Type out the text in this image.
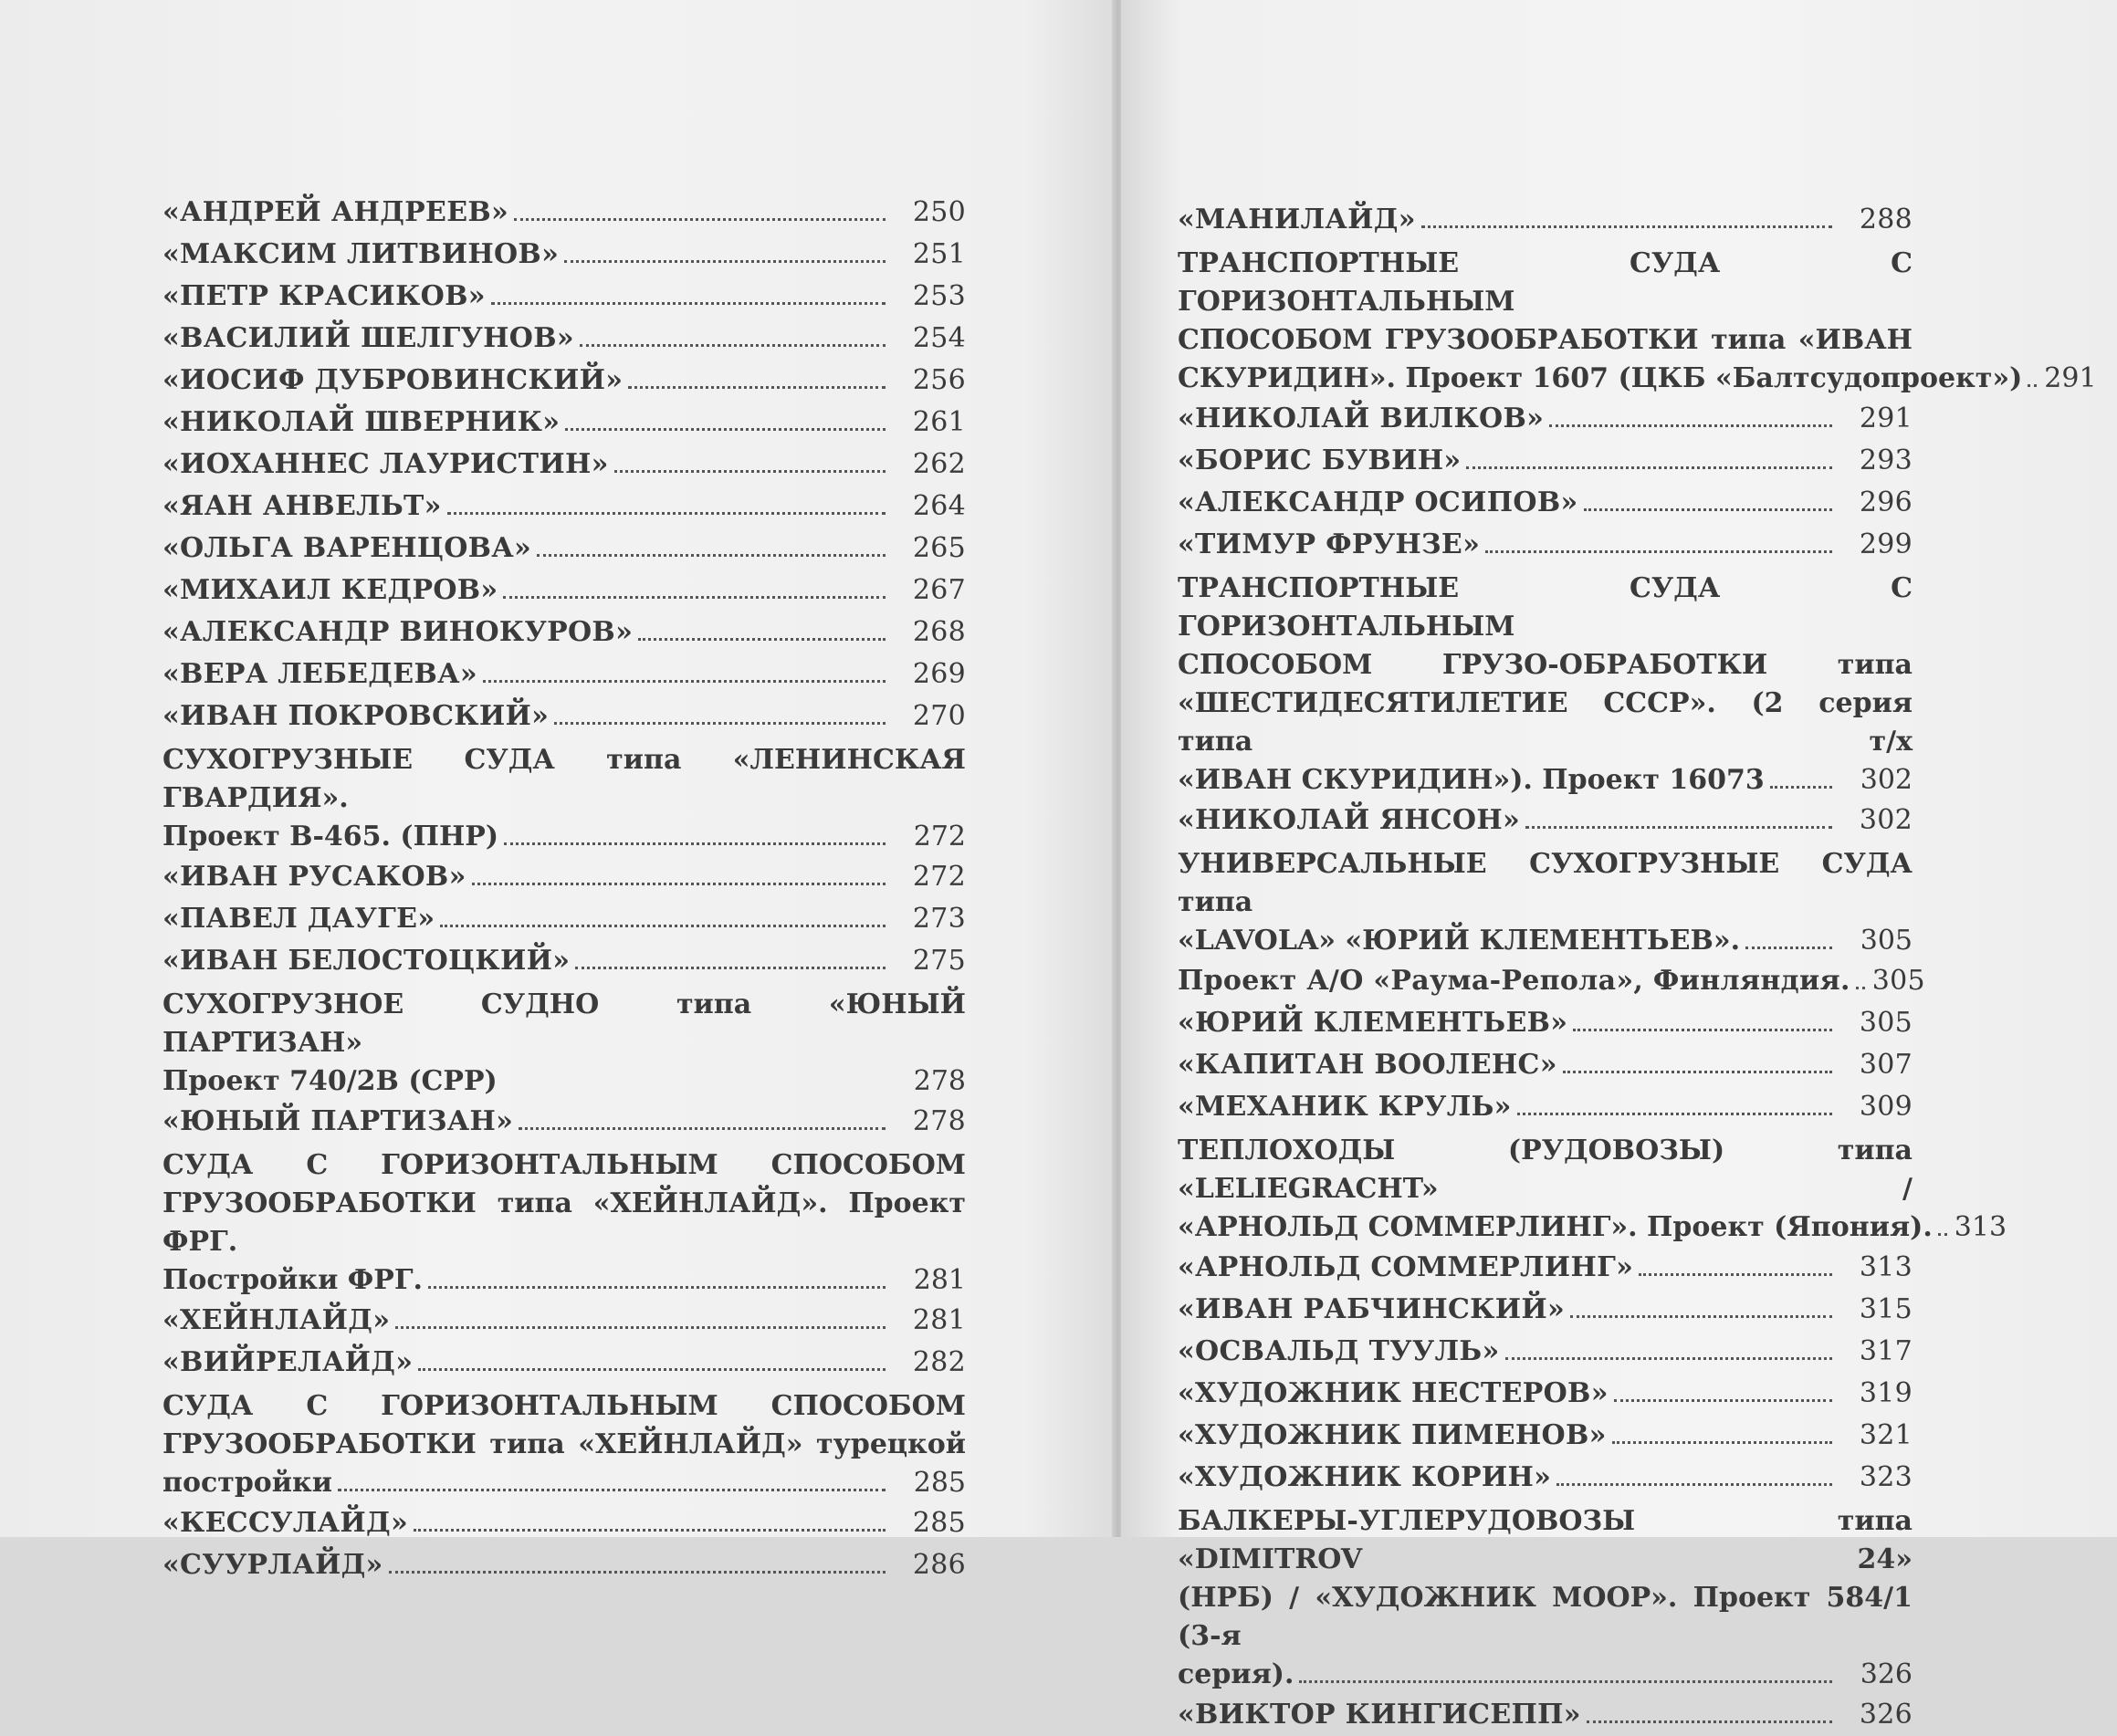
«АНДРЕЙ АНДРЕЕВ»	250
«МАКСИМ ЛИТВИНОВ»	251
«ПЕТР КРАСИКОВ»	253
«ВАСИЛИЙ ШЕЛГУНОВ»	254
«ИОСИФ ДУБРОВИНСКИЙ»	256
«НИКОЛАЙ ШВЕРНИК»	261
«ИОХАННЕС ЛАУРИСТИН»	262
«ЯАН АНВЕЛЬТ»	264
«ОЛЬГА ВАРЕНЦОВА»	265
«МИХАИЛ КЕДРОВ»	267
«АЛЕКСАНДР ВИНОКУРОВ»	268
«ВЕРА ЛЕБЕДЕВА»	269
«ИВАН ПОКРОВСКИЙ»	270
СУХОГРУЗНЫЕ СУДА типа «ЛЕНИНСКАЯ ГВАРДИЯ».
Проект В-465. (ПНР)	272
«ИВАН РУСАКОВ»	272
«ПАВЕЛ ДАУГЕ»	273
«ИВАН БЕЛОСТОЦКИЙ»	275
СУХОГРУЗНОЕ СУДНО типа «ЮНЫЙ ПАРТИЗАН»
Проект 740/2В (СРР)	278
«ЮНЫЙ ПАРТИЗАН»	278
СУДА С ГОРИЗОНТАЛЬНЫМ СПОСОБОМ
ГРУЗООБРАБОТКИ типа «ХЕЙНЛАЙД». Проект ФРГ.
Постройки ФРГ.	281
«ХЕЙНЛАЙД»	281
«ВИЙРЕЛАЙД»	282
СУДА С ГОРИЗОНТАЛЬНЫМ СПОСОБОМ
ГРУЗООБРАБОТКИ типа «ХЕЙНЛАЙД» турецкой
постройки	285
«КЕССУЛАЙД»	285
«СУУРЛАЙД»	286
«МАНИЛАЙД»	288
ТРАНСПОРТНЫЕ СУДА С ГОРИЗОНТАЛЬНЫМ
СПОСОБОМ ГРУЗООБРАБОТКИ типа «ИВАН
СКУРИДИН». Проект 1607 (ЦКБ «Балтсудопроект») 291
«НИКОЛАЙ ВИЛКОВ»	291
«БОРИС БУВИН»	293
«АЛЕКСАНДР ОСИПОВ»	296
«ТИМУР ФРУНЗЕ»	299
ТРАНСПОРТНЫЕ СУДА С ГОРИЗОНТАЛЬНЫМ
СПОСОБОМ ГРУЗО-ОБРАБОТКИ типа
«ШЕСТИДЕСЯТИЛЕТИЕ СССР». (2 серия типа т/х
«ИВАН СКУРИДИН»). Проект 16073	302
«НИКОЛАЙ ЯНСОН»	302
УНИВЕРСАЛЬНЫЕ СУХОГРУЗНЫЕ СУДА типа
«LAVOLA» «ЮРИЙ КЛЕМЕНТЬЕВ».	305
Проект А/О «Раума-Репола», Финляндия. 305
«ЮРИЙ КЛЕМЕНТЬЕВ»	305
«КАПИТАН ВООЛЕНС»	307
«МЕХАНИК КРУЛЬ»	309
ТЕПЛОХОДЫ (РУДОВОЗЫ) типа «LELIEGRACHT» /
«АРНОЛЬД СОММЕРЛИНГ». Проект (Япония). 313
«АРНОЛЬД СОММЕРЛИНГ»	313
«ИВАН РАБЧИНСКИЙ»	315
«ОСВАЛЬД ТУУЛЬ»	317
«ХУДОЖНИК НЕСТЕРОВ»	319
«ХУДОЖНИК ПИМЕНОВ»	321
«ХУДОЖНИК КОРИН»	323
БАЛКЕРЫ-УГЛЕРУДОВОЗЫ типа «DIMITROV 24»
(НРБ) / «ХУДОЖНИК МООР». Проект 584/1 (3-я
серия).	326
«ВИКТОР КИНГИСЕПП»	326
